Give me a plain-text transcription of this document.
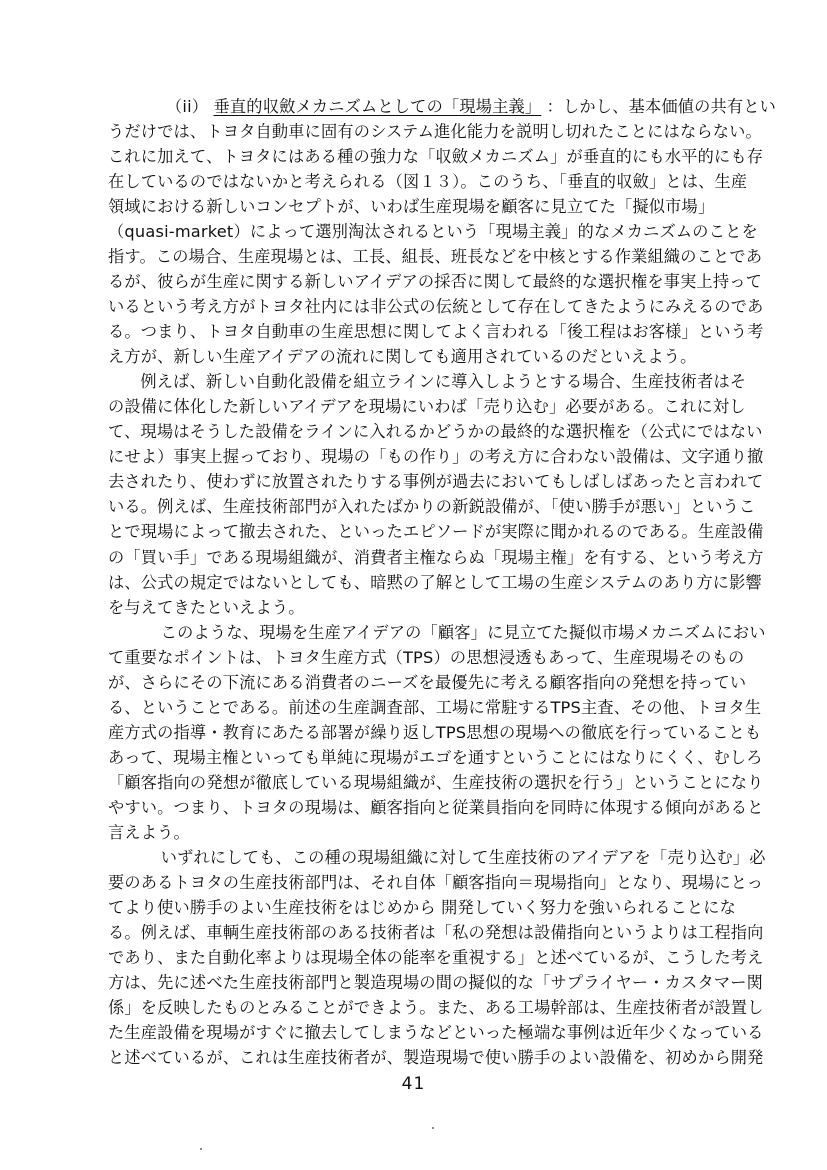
（ii） 垂直的収斂メカニズムとしての「現場主義」 ：しかし、基本価値の共有とい
うだけでは、トヨタ自動車に固有のシステム進化能力を説明し切れたことにはならない。
これに加えて、トヨタにはある種の強力な「収斂メカニズム」が垂直的にも水平的にも存
在しているのではないかと考えられる（図１３）。このうち、「垂直的収斂」とは、生産
領域における新しいコンセプトが、いわば生産現場を顧客に見立てた「擬似市場」
（quasi-market）によって選別淘汰されるという「現場主義」的なメカニズムのことを
指す。この場合、生産現場とは、工長、組長、班長などを中核とする作業組織のことであ
るが、彼らが生産に関する新しいアイデアの採否に関して最終的な選択権を事実上持って
いるという考え方がトヨタ社内には非公式の伝統として存在してきたようにみえるのであ
る。つまり、トヨタ自動車の生産思想に関してよく言われる「後工程はお客様」という考
え方が、新しい生産アイデアの流れに関しても適用されているのだといえよう。
　例えば、新しい自動化設備を組立ラインに導入しようとする場合、生産技術者はそ
の設備に体化した新しいアイデアを現場にいわば「売り込む」必要がある。これに対し
て、現場はそうした設備をラインに入れるかどうかの最終的な選択権を（公式にではない
にせよ）事実上握っており、現場の「もの作り」の考え方に合わない設備は、文字通り撤
去されたり、使わずに放置されたりする事例が過去においてもしばしばあったと言われて
いる。例えば、生産技術部門が入れたばかりの新鋭設備が、「使い勝手が悪い」というこ
とで現場によって撤去された、といったエピソードが実際に聞かれるのである。生産設備
の「買い手」である現場組織が、消費者主権ならぬ「現場主権」を有する、という考え方
は、公式の規定ではないとしても、暗黙の了解として工場の生産システムのあり方に影響
を与えてきたといえよう。
　　このような、現場を生産アイデアの「顧客」に見立てた擬似市場メカニズムにおい
て重要なポイントは、トヨタ生産方式（TPS）の思想浸透もあって、生産現場そのもの
が、さらにその下流にある消費者のニーズを最優先に考える顧客指向の発想を持ってい
る、ということである。前述の生産調査部、工場に常駐するTPS主査、その他、トヨタ生
産方式の指導・教育にあたる部署が繰り返しTPS思想の現場への徹底を行っていることも
あって、現場主権といっても単純に現場がエゴを通すということにはなりにくく、むしろ
「顧客指向の発想が徹底している現場組織が、生産技術の選択を行う」ということになり
やすい。つまり、トヨタの現場は、顧客指向と従業員指向を同時に体現する傾向があると
言えよう。
　　いずれにしても、この種の現場組織に対して生産技術のアイデアを「売り込む」必
要のあるトヨタの生産技術部門は、それ自体「顧客指向＝現場指向」となり、現場にとっ
てより使い勝手のよい生産技術をはじめから 開発していく努力を強いられることにな
る。例えば、車輌生産技術部のある技術者は「私の発想は設備指向というよりは工程指向
であり、また自動化率よりは現場全体の能率を重視する」と述べているが、こうした考え
方は、先に述べた生産技術部門と製造現場の間の擬似的な「サプライヤー・カスタマー関
係」を反映したものとみることができよう。また、ある工場幹部は、生産技術者が設置し
た生産設備を現場がすぐに撤去してしまうなどといった極端な事例は近年少くなっている
と述べているが、これは生産技術者が、製造現場で使い勝手のよい設備を、初めから開発
41
